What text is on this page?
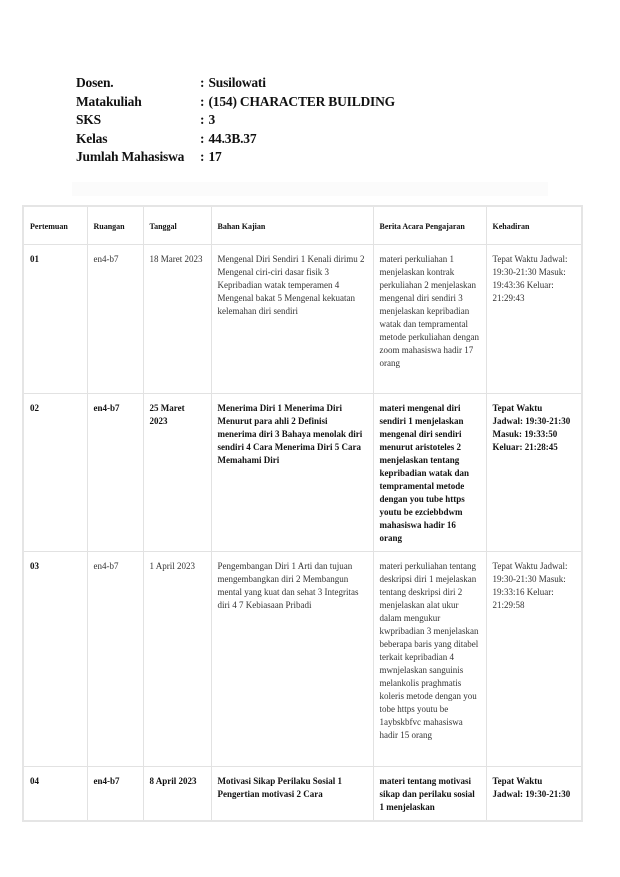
Dosen.	: Susilowati
Matakuliah	: (154) CHARACTER BUILDING
SKS	: 3
Kelas	: 44.3B.37
Jumlah Mahasiswa	: 17
Pertemuan	Ruangan	Tanggal	Bahan Kajian	Berita Acara Pengajaran	Kehadiran
01	en4-b7	18 Maret 2023	Mengenal Diri Sendiri 1 Kenali dirimu 2 Mengenal ciri-ciri dasar fisik 3 Kepribadian watak temperamen 4 Mengenal bakat 5 Mengenal kekuatan kelemahan diri sendiri	materi perkuliahan 1 menjelaskan kontrak perkuliahan 2 menjelaskan mengenal diri sendiri 3 menjelaskan kepribadian watak dan tempramental metode perkuliahan dengan zoom mahasiswa hadir 17 orang	Tepat Waktu Jadwal: 19:30-21:30 Masuk: 19:43:36 Keluar: 21:29:43
02	en4-b7	25 Maret 2023	Menerima Diri 1 Menerima Diri Menurut para ahli 2 Definisi menerima diri 3 Bahaya menolak diri sendiri 4 Cara Menerima Diri 5 Cara Memahami Diri	materi mengenal diri sendiri 1 menjelaskan mengenal diri sendiri menurut aristoteles 2 menjelaskan tentang kepribadian watak dan tempramental metode dengan you tube https youtu be ezciebbdwm mahasiswa hadir 16 orang	Tepat Waktu Jadwal: 19:30-21:30 Masuk: 19:33:50 Keluar: 21:28:45
03	en4-b7	1 April 2023	Pengembangan Diri 1 Arti dan tujuan mengembangkan diri 2 Membangun mental yang kuat dan sehat 3 Integritas diri 4 7 Kebiasaan Pribadi	materi perkuliahan tentang deskripsi diri 1 mejelaskan tentang deskripsi diri 2 menjelaskan alat ukur dalam mengukur kwpribadian 3 menjelaskan beberapa baris yang ditabel terkait kepribadian 4 mwnjelaskan sanguinis melankolis praghmatis koleris metode dengan you tobe https youtu be 1aybskbfvc mahasiswa hadir 15 orang	Tepat Waktu Jadwal: 19:30-21:30 Masuk: 19:33:16 Keluar: 21:29:58
04	en4-b7	8 April 2023	Motivasi Sikap Perilaku Sosial 1 Pengertian motivasi 2 Cara	materi tentang motivasi sikap dan perilaku sosial 1 menjelaskan	Tepat Waktu Jadwal: 19:30-21:30
